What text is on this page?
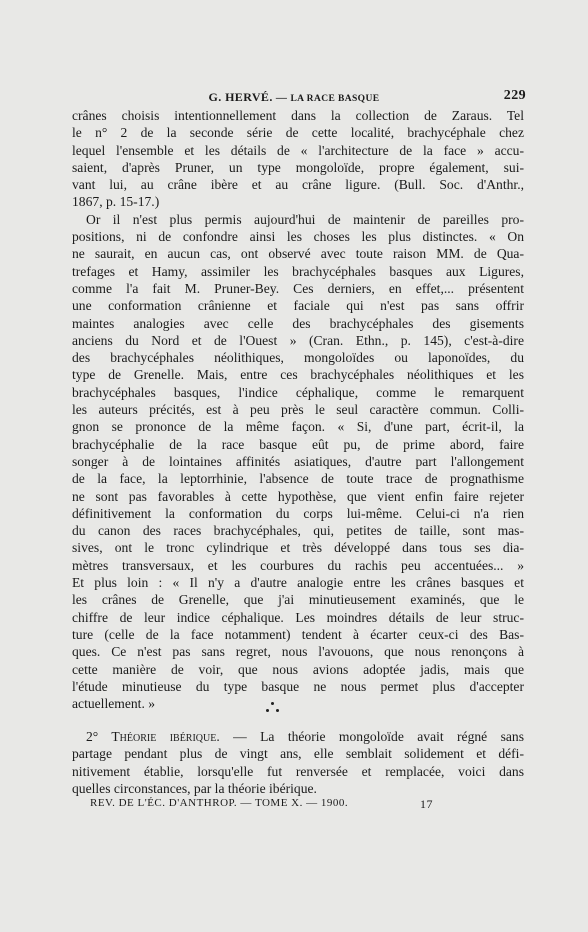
G. HERVÉ. — LA RACE BASQUE	229
crânes choisis intentionnellement dans la collection de Zaraus. Tel
le n° 2 de la seconde série de cette localité, brachycéphale chez
lequel l'ensemble et les détails de « l'architecture de la face » accu-
saient, d'après Pruner, un type mongoloïde, propre également, sui-
vant lui, au crâne ibère et au crâne ligure. (Bull. Soc. d'Anthr.,
1867, p. 15-17.)
Or il n'est plus permis aujourd'hui de maintenir de pareilles pro-
positions, ni de confondre ainsi les choses les plus distinctes. « On
ne saurait, en aucun cas, ont observé avec toute raison MM. de Qua-
trefages et Hamy, assimiler les brachycéphales basques aux Ligures,
comme l'a fait M. Pruner-Bey. Ces derniers, en effet,... présentent
une conformation crânienne et faciale qui n'est pas sans offrir
maintes analogies avec celle des brachycéphales des gisements
anciens du Nord et de l'Ouest » (Cran. Ethn., p. 145), c'est-à-dire
des brachycéphales néolithiques, mongoloïdes ou laponoïdes, du
type de Grenelle. Mais, entre ces brachycéphales néolithiques et les
brachycéphales basques, l'indice céphalique, comme le remarquent
les auteurs précités, est à peu près le seul caractère commun. Colli-
gnon se prononce de la même façon. « Si, d'une part, écrit-il, la
brachycéphalie de la race basque eût pu, de prime abord, faire
songer à de lointaines affinités asiatiques, d'autre part l'allongement
de la face, la leptorrhinie, l'absence de toute trace de prognathisme
ne sont pas favorables à cette hypothèse, que vient enfin faire rejeter
définitivement la conformation du corps lui-même. Celui-ci n'a rien
du canon des races brachycéphales, qui, petites de taille, sont mas-
sives, ont le tronc cylindrique et très développé dans tous ses dia-
mètres transversaux, et les courbures du rachis peu accentuées... »
Et plus loin : « Il n'y a d'autre analogie entre les crânes basques et
les crânes de Grenelle, que j'ai minutieusement examinés, que le
chiffre de leur indice céphalique. Les moindres détails de leur struc-
ture (celle de la face notamment) tendent à écarter ceux-ci des Bas-
ques. Ce n'est pas sans regret, nous l'avouons, que nous renonçons à
cette manière de voir, que nous avions adoptée jadis, mais que
l'étude minutieuse du type basque ne nous permet plus d'accepter
actuellement. »
2° Théorie ibérique. — La théorie mongoloïde avait régné sans
partage pendant plus de vingt ans, elle semblait solidement et défi-
nitivement établie, lorsqu'elle fut renversée et remplacée, voici dans
quelles circonstances, par la théorie ibérique.
REV. DE L'ÉC. D'ANTHROP. — TOME X. — 1900.	17
